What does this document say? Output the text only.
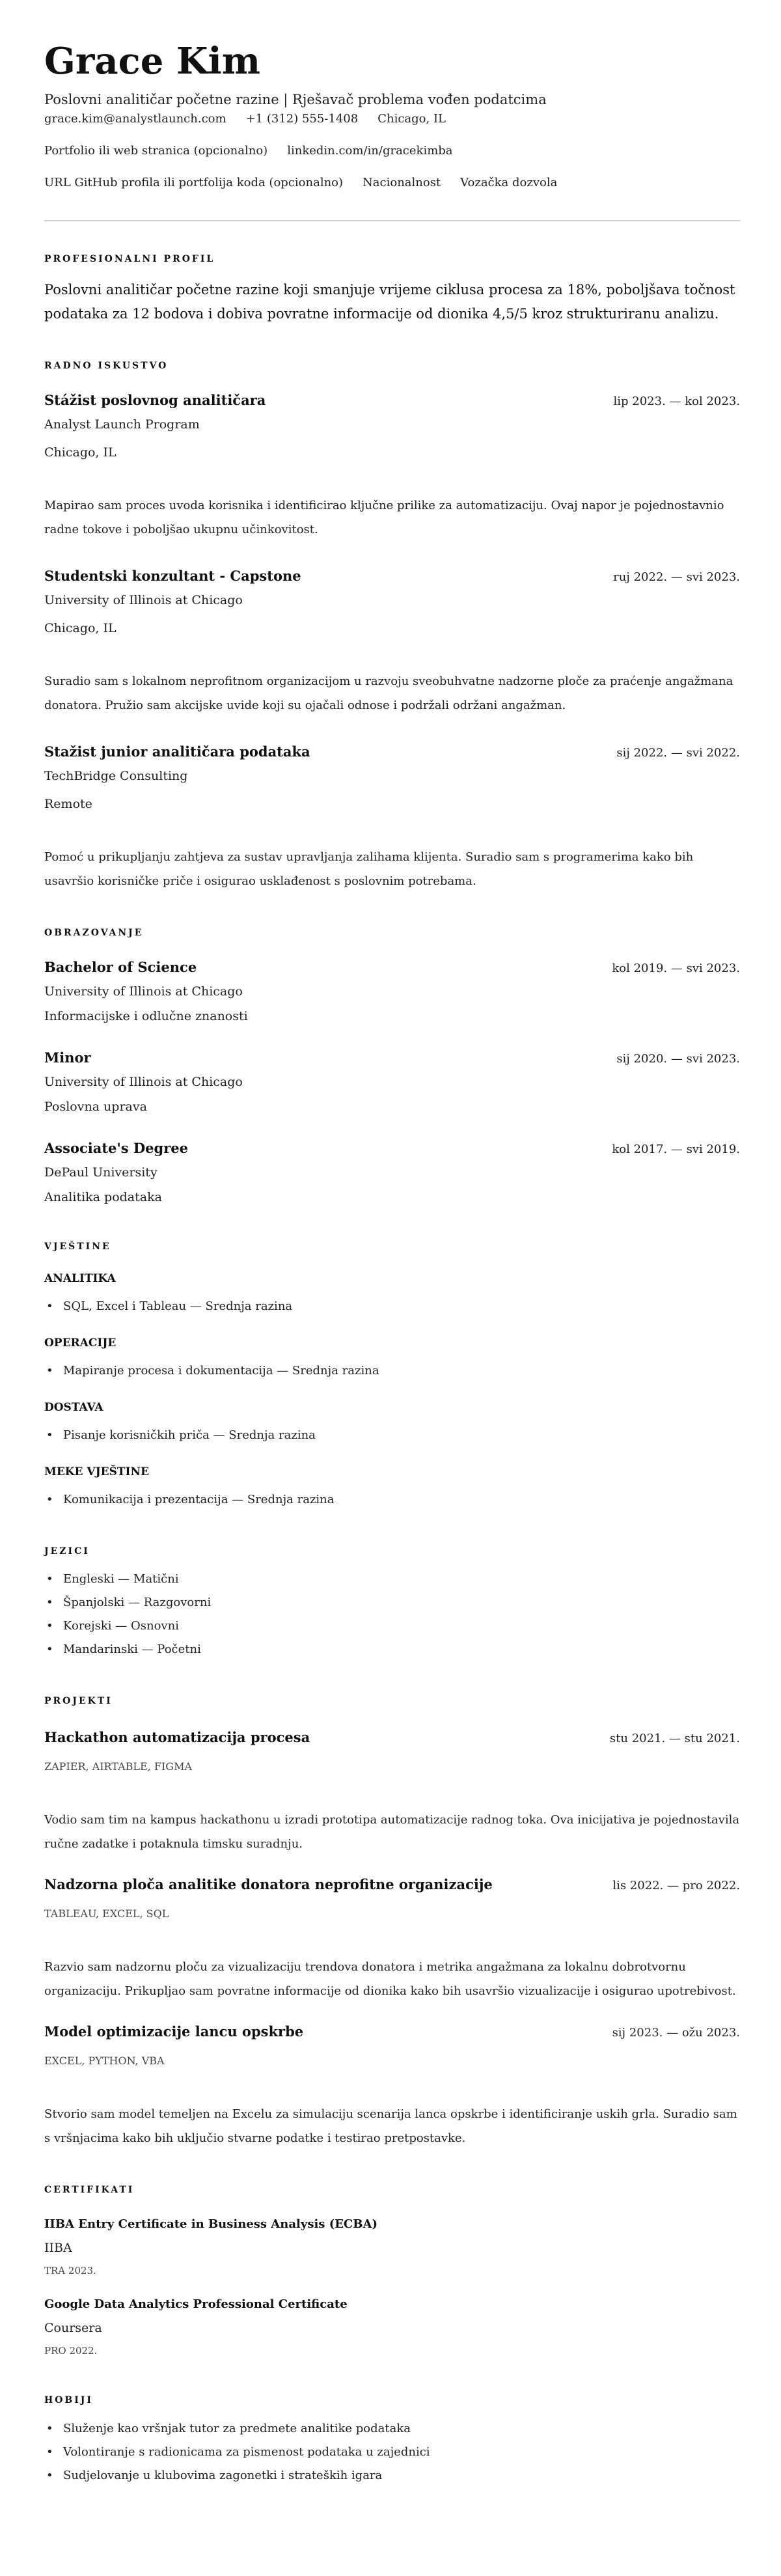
Grace Kim
Poslovni analitičar početne razine | Rješavač problema vođen podatcima
grace.kim@analystlaunch.com +1 (312) 555-1408 Chicago, IL
Portfolio ili web stranica (opcionalno) linkedin.com/in/gracekimba
URL GitHub profila ili portfolija koda (opcionalno) Nacionalnost Vozačka dozvola
PROFESIONALNI PROFIL
Poslovni analitičar početne razine koji smanjuje vrijeme ciklusa procesa za 18%, poboljšava točnost podataka za 12 bodova i dobiva povratne informacije od dionika 4,5/5 kroz strukturiranu analizu.
RADNO ISKUSTVO
Stážist poslovnog analitičara	lip 2023. — kol 2023.
Analyst Launch Program
Chicago, IL
Mapirao sam proces uvoda korisnika i identificirao ključne prilike za automatizaciju. Ovaj napor je pojednostavnio radne tokove i poboljšao ukupnu učinkovitost.
Studentski konzultant - Capstone	ruj 2022. — svi 2023.
University of Illinois at Chicago
Chicago, IL
Suradio sam s lokalnom neprofitnom organizacijom u razvoju sveobuhvatne nadzorne ploče za praćenje angažmana donatora. Pružio sam akcijske uvide koji su ojačali odnose i podržali održani angažman.
Stažist junior analitičara podataka	sij 2022. — svi 2022.
TechBridge Consulting
Remote
Pomoć u prikupljanju zahtjeva za sustav upravljanja zalihama klijenta. Suradio sam s programerima kako bih usavršio korisničke priče i osigurao usklađenost s poslovnim potrebama.
OBRAZOVANJE
Bachelor of Science	kol 2019. — svi 2023.
University of Illinois at Chicago
Informacijske i odlučne znanosti
Minor	sij 2020. — svi 2023.
University of Illinois at Chicago
Poslovna uprava
Associate's Degree	kol 2017. — svi 2019.
DePaul University
Analitika podataka
VJEŠTINE
ANALITIKA
• SQL, Excel i Tableau — Srednja razina
OPERACIJE
• Mapiranje procesa i dokumentacija — Srednja razina
DOSTAVA
• Pisanje korisničkih priča — Srednja razina
MEKE VJEŠTINE
• Komunikacija i prezentacija — Srednja razina
JEZICI
• Engleski — Matični
• Španjolski — Razgovorni
• Korejski — Osnovni
• Mandarinski — Početni
PROJEKTI
Hackathon automatizacija procesa	stu 2021. — stu 2021.
ZAPIER, AIRTABLE, FIGMA
Vodio sam tim na kampus hackathonu u izradi prototipa automatizacije radnog toka. Ova inicijativa je pojednostavila ručne zadatke i potaknula timsku suradnju.
Nadzorna ploča analitike donatora neprofitne organizacije	lis 2022. — pro 2022.
TABLEAU, EXCEL, SQL
Razvio sam nadzornu ploču za vizualizaciju trendova donatora i metrika angažmana za lokalnu dobrotvornu organizaciju. Prikupljao sam povratne informacije od dionika kako bih usavršio vizualizacije i osigurao upotrebivost.
Model optimizacije lancu opskrbe	sij 2023. — ožu 2023.
EXCEL, PYTHON, VBA
Stvorio sam model temeljen na Excelu za simulaciju scenarija lanca opskrbe i identificiranje uskih grla. Suradio sam s vršnjacima kako bih uključio stvarne podatke i testirao pretpostavke.
CERTIFIKATI
IIBA Entry Certificate in Business Analysis (ECBA)
IIBA
TRA 2023.
Google Data Analytics Professional Certificate
Coursera
PRO 2022.
HOBIJI
• Služenje kao vršnjak tutor za predmete analitike podataka
• Volontiranje s radionicama za pismenost podataka u zajednici
• Sudjelovanje u klubovima zagonetki i strateških igara
